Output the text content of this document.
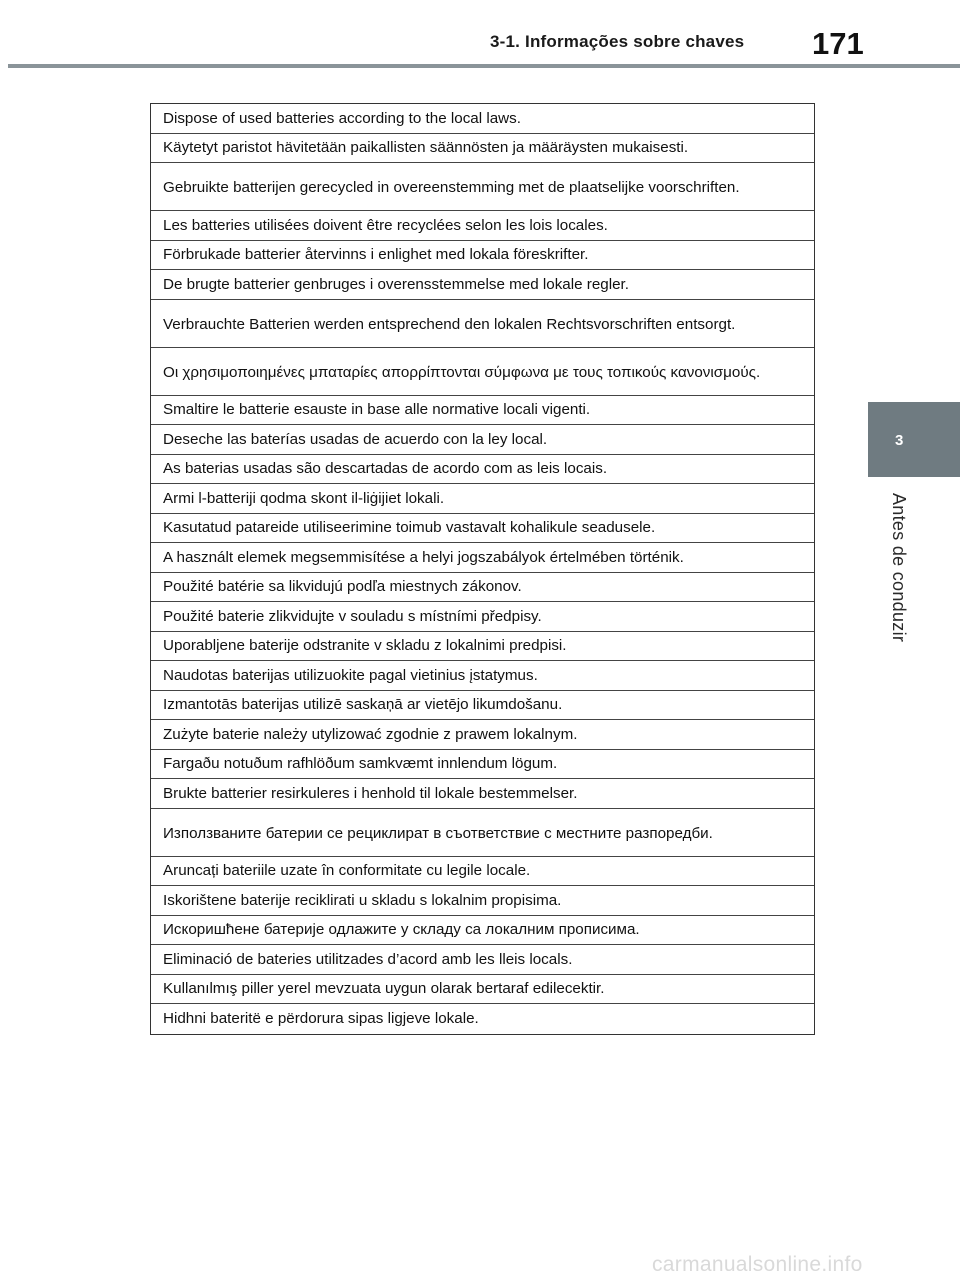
3-1. Informações sobre chaves 171
3
Antes de conduzir
Dispose of used batteries according to the local laws.
Käytetyt paristot hävitetään paikallisten säännösten ja määräysten mukaisesti.
Gebruikte batterijen gerecycled in overeenstemming met de plaatselijke voorschriften.
Les batteries utilisées doivent être recyclées selon les lois locales.
Förbrukade batterier återvinns i enlighet med lokala föreskrifter.
De brugte batterier genbruges i overensstemmelse med lokale regler.
Verbrauchte Batterien werden entsprechend den lokalen Rechtsvorschriften entsorgt.
Οι χρησιμοποιημένες μπαταρίες απορρίπτονται σύμφωνα με τους τοπικούς κανονισμούς.
Smaltire le batterie esauste in base alle normative locali vigenti.
Deseche las baterías usadas de acuerdo con la ley local.
As baterias usadas são descartadas de acordo com as leis locais.
Armi l-batteriji qodma skont il-liġijiet lokali.
Kasutatud patareide utiliseerimine toimub vastavalt kohalikule seadusele.
A használt elemek megsemmisítése a helyi jogszabályok értelmében történik.
Použité batérie sa likvidujú podľa miestnych zákonov.
Použité baterie zlikvidujte v souladu s místními předpisy.
Uporabljene baterije odstranite v skladu z lokalnimi predpisi.
Naudotas baterijas utilizuokite pagal vietinius įstatymus.
Izmantotās baterijas utilizē saskaņā ar vietējo likumdošanu.
Zużyte baterie należy utylizować zgodnie z prawem lokalnym.
Fargaðu notuðum rafhlöðum samkvæmt innlendum lögum.
Brukte batterier resirkuleres i henhold til lokale bestemmelser.
Използваните батерии се рециклират в съответствие с местните разпоредби.
Aruncați bateriile uzate în conformitate cu legile locale.
Iskorištene baterije reciklirati u skladu s lokalnim propisima.
Искоришћене батерије одлажите у складу са локалним прописима.
Eliminació de bateries utilitzades d’acord amb les lleis locals.
Kullanılmış piller yerel mevzuata uygun olarak bertaraf edilecektir.
Hidhni bateritë e përdorura sipas ligjeve lokale.
carmanualsonline.info
